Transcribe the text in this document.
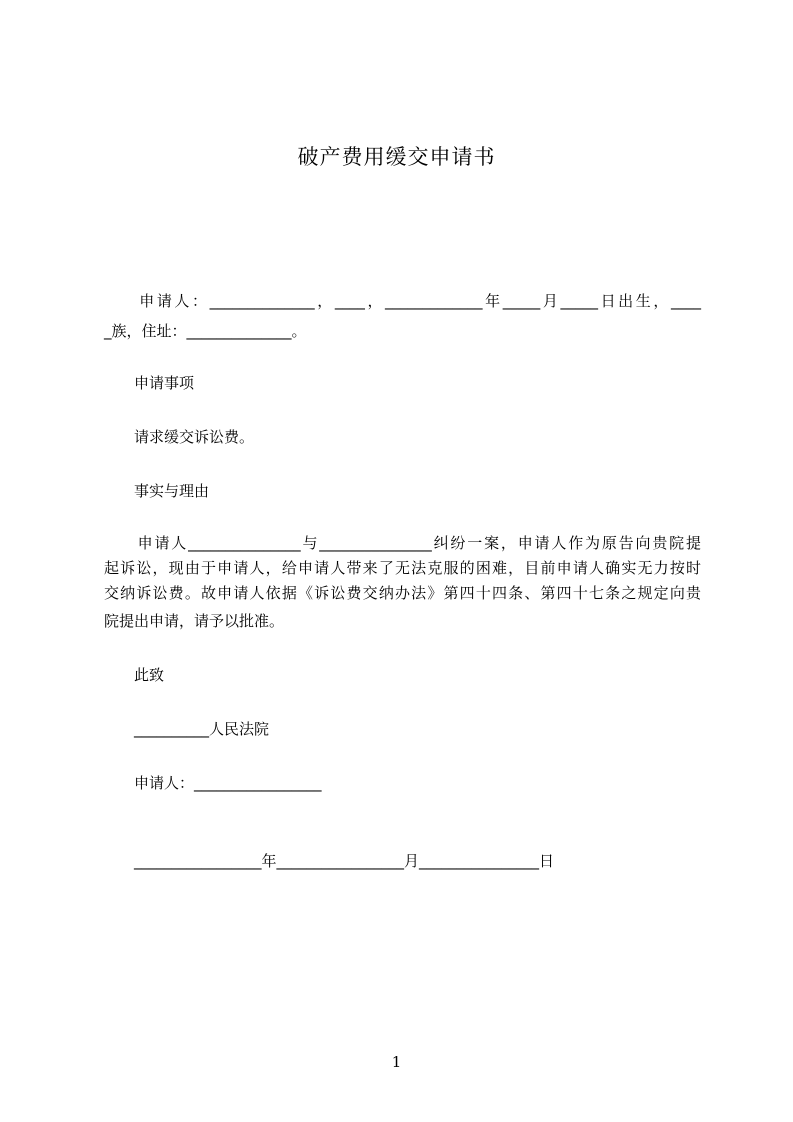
破产费用缓交申请书
　　申请人：______________，____，_____________年_____月_____日出生，____
_族，住址：______________。
　　申请事项
　　请求缓交诉讼费。
　　事实与理由
　　申请人_______________与_______________纠纷一案，申请人作为原告向贵院提
起诉讼，现由于申请人，给申请人带来了无法克服的困难，目前申请人确实无力按时
交纳诉讼费。故申请人依据《诉讼费交纳办法》第四十四条、第四十七条之规定向贵
院提出申请，请予以批准。
　　此致
　　__________人民法院
　　申请人：_________________
　　_________________年_________________月________________日
1
